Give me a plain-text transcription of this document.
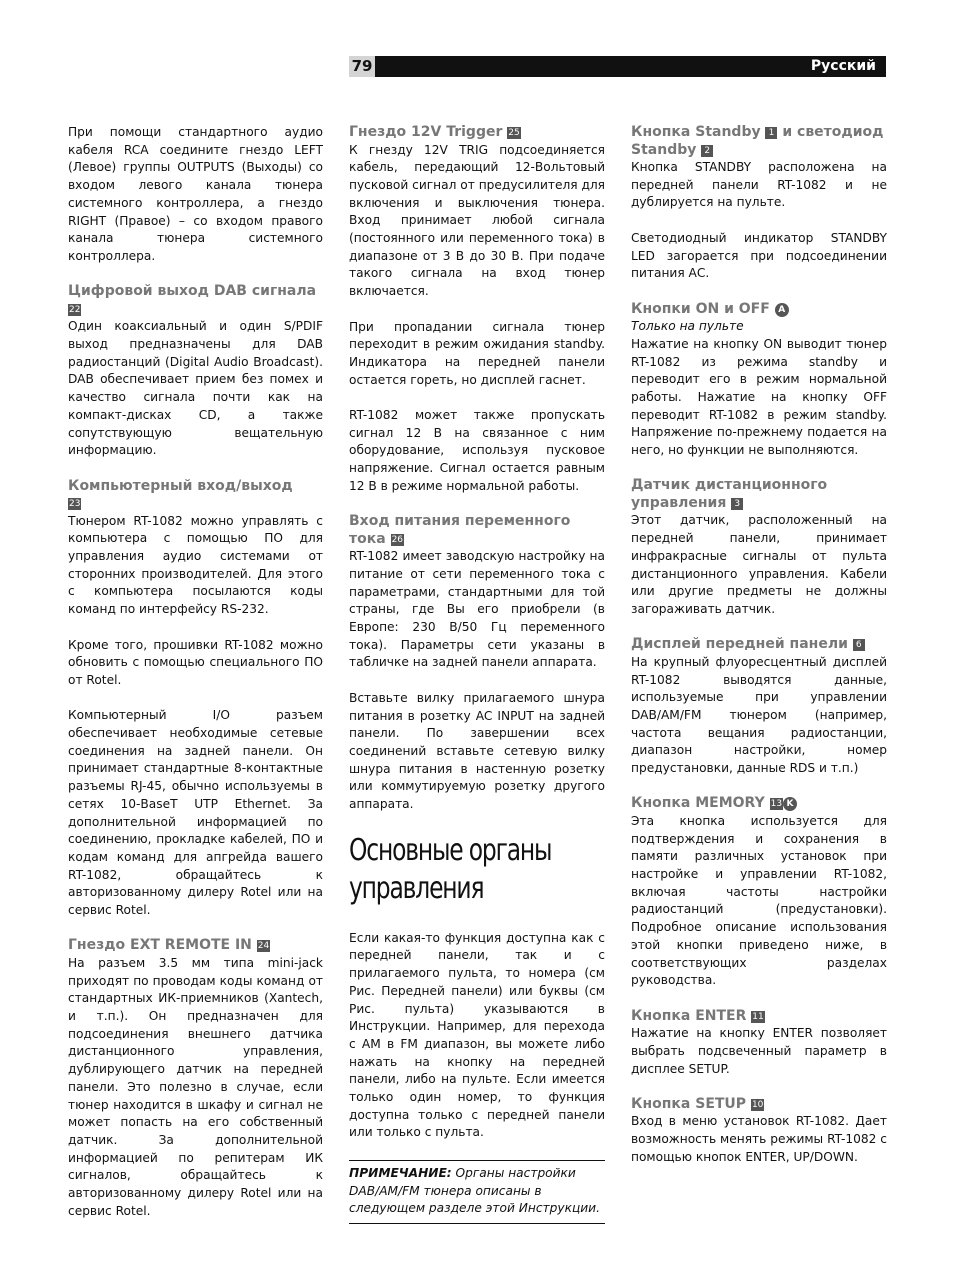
79	Русский

При помощи стандартного аудио кабеля RCA соедините гнездо LEFT (Левое) группы OUTPUTS (Выходы) со входом левого канала тюнера системного контроллера, а гнездо RIGHT (Правое) – со входом правого канала тюнера системного контроллера.

Цифровой выход DAB сигнала 22

Один коаксиальный и один S/PDIF выход предназначены для DAB радиостанций (Digital Audio Broadcast). DAB обеспечивает прием без помех и качество сигнала почти как на компакт-дисках CD, а также сопутствующую вещательную информацию.

Компьютерный вход/выход
23

Тюнером RT-1082 можно управлять с компьютера с помощью ПО для управления аудио системами от сторонних производителей. Для этого с компьютера посылаются коды команд по интерфейсу RS-232.

Кроме того, прошивки RT-1082 можно обновить с помощью специального ПО от Rotel.

Компьютерный I/O разъем обеспечивает необходимые сетевые соединения на задней панели. Он принимает стандартные 8-контактные разъемы RJ-45, обычно используемы в сетях 10-BaseT UTP Ethernet. За дополнительной информацией по соединению, прокладке кабелей, ПО и кодам команд для апгрейда вашего RT-1082, обращайтесь к авторизованному дилеру Rotel или на сервис Rotel.

Гнездо EXT REMOTE IN 24

На разъем 3.5 мм типа mini-jack приходят по проводам коды команд от стандартных ИК-приемников (Xantech, и т.п.). Он предназначен для подсоединения внешнего датчика дистанционного управления, дублирующего датчик на передней панели. Это полезно в случае, если тюнер находится в шкафу и сигнал не может попасть на его собственный датчик. За дополнительной информацией по репитерам ИК сигналов, обращайтесь к авторизованному дилеру Rotel или на сервис Rotel.

Гнездо 12V Trigger 25

К гнезду 12V TRIG подсоединяется кабель, передающий 12-Вольтовый пусковой сигнал от предусилителя для включения и выключения тюнера. Вход принимает любой сигнала (постоянного или переменного тока) в диапазоне от 3 В до 30 В. При подаче такого сигнала на вход тюнер включается.

При пропадании сигнала тюнер переходит в режим ожидания standby. Индикатора на передней панели остается гореть, но дисплей гаснет.

RT-1082 может также пропускать сигнал 12 В на связанное с ним оборудование, используя пусковое напряжение. Сигнал остается равным 12 В в режиме нормальной работы.

Вход питания переменного тока 26

RT-1082 имеет заводскую настройку на питание от сети переменного тока с параметрами, стандартными для той страны, где Вы его приобрели (в Европе: 230 В/50 Гц переменного тока). Параметры сети указаны в табличке на задней панели аппарата.

Вставьте вилку прилагаемого шнура питания в розетку AC INPUT на задней панели. По завершении всех соединений вставьте сетевую вилку шнура питания в настенную розетку или коммутируемую розетку другого аппарата.

Основные органы
управления

Если какая-то функция доступна как с передней панели, так и с прилагаемого пульта, то номера (см Рис. Передней панели) или буквы (см Рис. пульта) указываются в Инструкции. Например, для перехода с AM в FM диапазон, вы можете либо нажать на кнопку на передней панели, либо на пульте. Если имеется только один номер, то функция доступна только с передней панели или только с пульта.

ПРИМЕЧАНИЕ: Органы настройки DAB/AM/FM тюнера описаны в следующем разделе этой Инструкции.

Кнопка Standby 1 и светодиод Standby 2

Кнопка STANDBY расположена на передней панели RT-1082 и не дублируется на пульте.

Светодиодный индикатор STANDBY LED загорается при подсоединении питания АС.

Кнопки ON и OFF A

Только на пульте

Нажатие на кнопку ON выводит тюнер RT-1082 из режима standby и переводит его в режим нормальной работы. Нажатие на кнопку OFF переводит RT-1082 в режим standby. Напряжение по-прежнему подается на него, но функции не выполняются.

Датчик дистанционного управления 3

Этот датчик, расположенный на передней панели, принимает инфракрасные сигналы от пульта дистанционного управления. Кабели или другие предметы не должны загораживать датчик.

Дисплей передней панели 6

На крупный флуоресцентный дисплей RT-1082 выводятся данные, используемые при управлении DAB/AM/FM тюнером (например, частота вещания радиостанции, диапазон настройки, номер предустановки, данные RDS и т.п.)

Кнопка MEMORY 13 K

Эта кнопка используется для подтверждения и сохранения в памяти различных установок при настройке и управлении RT-1082, включая частоты настройки радиостанций (предустановки). Подробное описание использования этой кнопки приведено ниже, в соответствующих разделах руководства.

Кнопка ENTER 11

Нажатие на кнопку ENTER позволяет выбрать подсвеченный параметр в дисплее SETUP.

Кнопка SETUP 10

Вход в меню установок RT-1082. Дает возможность менять режимы RT-1082 с помощью кнопок ENTER, UP/DOWN.
